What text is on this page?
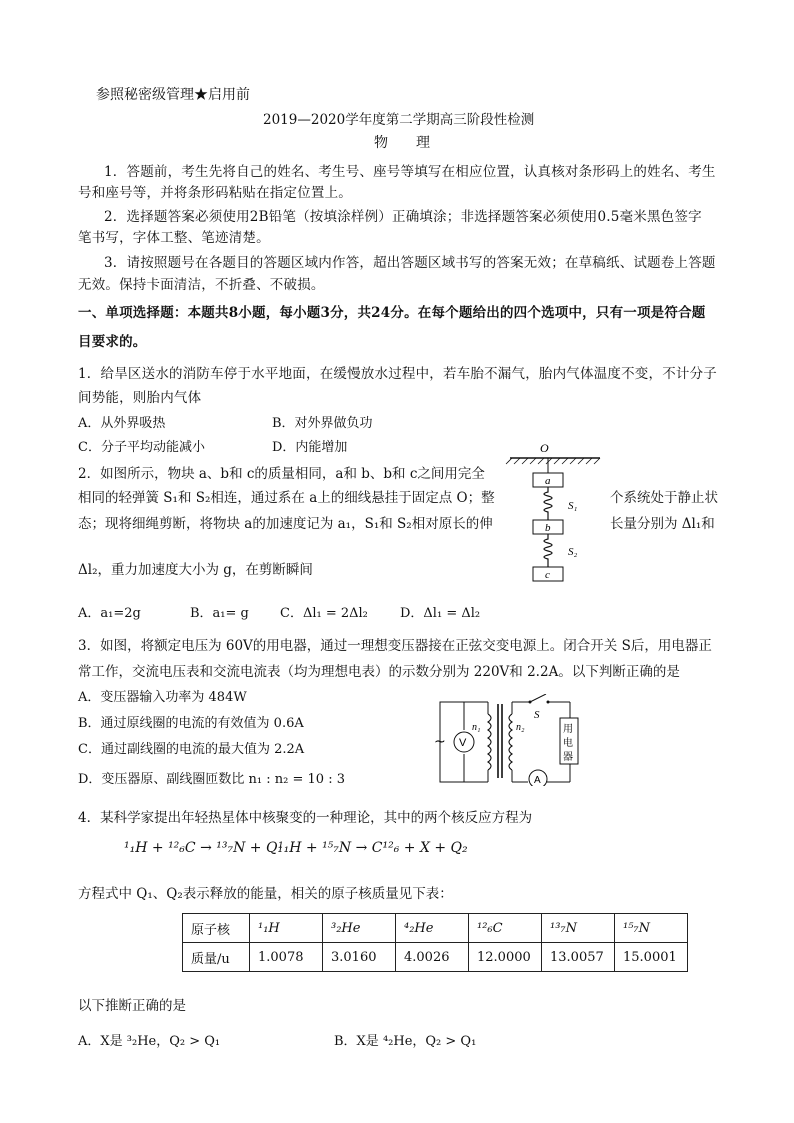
参照秘密级管理★启用前
2019—2020学年度第二学期高三阶段性检测
物　　理
1．答题前，考生先将自己的姓名、考生号、座号等填写在相应位置，认真核对条形码上的姓名、考生
号和座号等，并将条形码粘贴在指定位置上。
2．选择题答案必须使用2B铅笔（按填涂样例）正确填涂；非选择题答案必须使用0.5毫米黑色签字
笔书写，字体工整、笔迹清楚。
3．请按照题号在各题目的答题区域内作答，超出答题区域书写的答案无效；在草稿纸、试题卷上答题
无效。保持卡面清洁，不折叠、不破损。
一、单项选择题：本题共8小题，每小题3分，共24分。在每个题给出的四个选项中，只有一项是符合题
目要求的。
1．给旱区送水的消防车停于水平地面，在缓慢放水过程中，若车胎不漏气，胎内气体温度不变，不计分子
间势能，则胎内气体
A．从外界吸热	B．对外界做负功
C．分子平均动能减小	D．内能增加
2．如图所示，物块 a、b和 c的质量相同，a和 b、b和 c之间用完全
相同的轻弹簧 S₁和 S₂相连，通过系在 a上的细线悬挂于固定点 O；整	个系统处于静止状
态；现将细绳剪断，将物块 a的加速度记为 a₁，S₁和 S₂相对原长的伸	长量分别为 Δl₁和
Δl₂，重力加速度大小为 g，在剪断瞬间
A．a₁=2g	B．a₁= g C．Δl₁ = 2Δl₂ D．Δl₁ = Δl₂
O
a
b
c
S₁
S₂
3．如图，将额定电压为 60V的用电器，通过一理想变压器接在正弦交变电源上。闭合开关 S后，用电器正
常工作，交流电压表和交流电流表（均为理想电表）的示数分别为 220V和 2.2A。以下判断正确的是
A．变压器输入功率为 484W
B．通过原线圈的电流的有效值为 0.6A
C．通过副线圈的电流的最大值为 2.2A
D．变压器原、副线圈匝数比 n₁ : n₂ = 10 : 3
~ V
n₁	n₂
S
用
电
器
A
4．某科学家提出年轻热星体中核聚变的一种理论，其中的两个核反应方程为
¹₁H + ¹²₆C → ¹³₇N + Q₁
¹₁H + ¹⁵₇N → C¹²₆ + X + Q₂
方程式中 Q₁、Q₂表示释放的能量，相关的原子核质量见下表：
原子核	¹₁H	³₂He	⁴₂He	¹²₆C	¹³₇N	¹⁵₇N
质量/u	1.0078	3.0160	4.0026	12.0000	13.0057	15.0001
以下推断正确的是
A．X是 ³₂He，Q₂ > Q₁	B．X是 ⁴₂He，Q₂ > Q₁
